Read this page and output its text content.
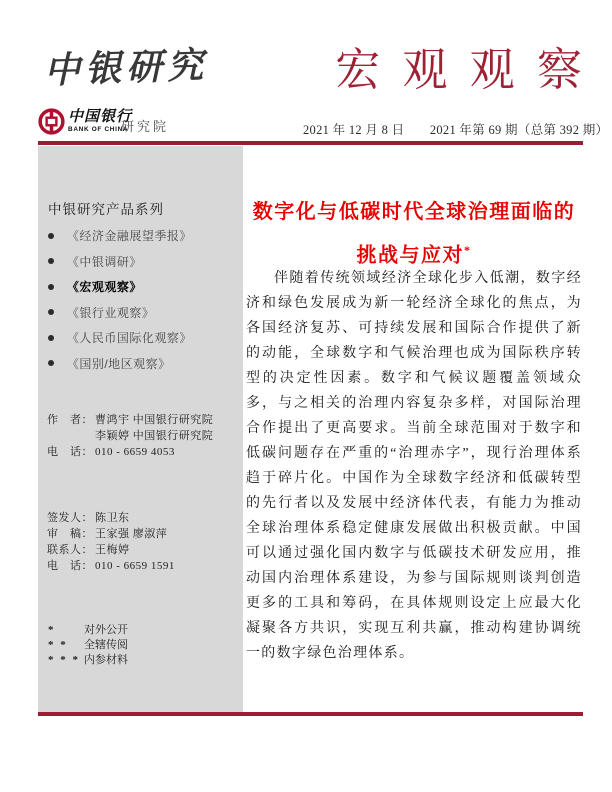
中银研究	宏 观 观 察
中国银行
BANK OF CHINA
研究院	2021 年 12 月 8 日 2021 年第 69 期（总第 392 期）
中银研究产品系列
《经济金融展望季报》
《中银调研》
《宏观观察》
《银行业观察》
《人民币国际化观察》
《国别/地区观察》
作　者： 曹鸿宇 中国银行研究院
李颖婷 中国银行研究院
电　话： 010 - 6659 4053
签发人： 陈卫东
审　稿： 王家强 廖淑萍
联系人： 王梅婷
电　话： 010 - 6659 1591
*	对外公开
* *	全辖传阅
* * * 内参材料
数字化与低碳时代全球治理面临的
挑战与应对*

伴随着传统领域经济全球化步入低潮，数字经济和绿色发展成为新一轮经济全球化的焦点，为各国经济复苏、可持续发展和国际合作提供了新的动能，全球数字和气候治理也成为国际秩序转型的决定性因素。数字和气候议题覆盖领域众多，与之相关的治理内容复杂多样，对国际治理合作提出了更高要求。当前全球范围对于数字和低碳问题存在严重的“治理赤字”，现行治理体系趋于碎片化。中国作为全球数字经济和低碳转型的先行者以及发展中经济体代表，有能力为推动全球治理体系稳定健康发展做出积极贡献。中国可以通过强化国内数字与低碳技术研发应用，推动国内治理体系建设，为参与国际规则谈判创造更多的工具和筹码，在具体规则设定上应最大化凝聚各方共识，实现互利共赢，推动构建协调统一的数字绿色治理体系。
